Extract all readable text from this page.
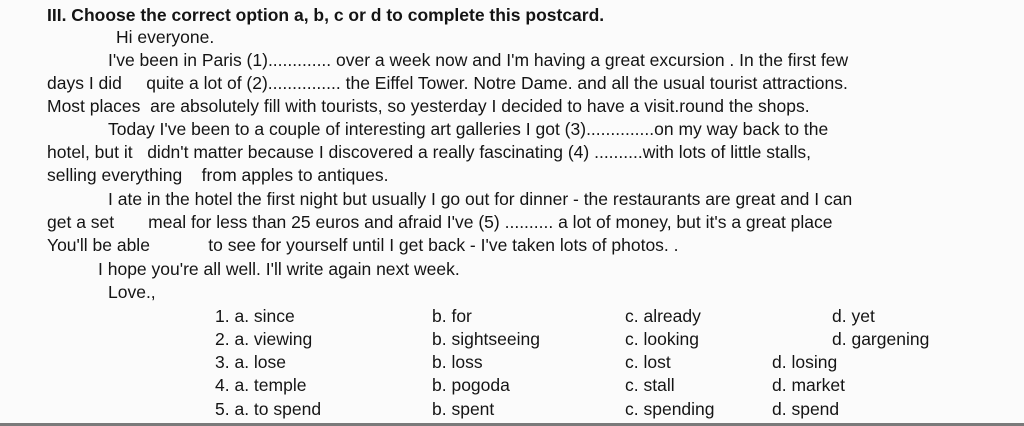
III. Choose the correct option a, b, c or d to complete this postcard.
Hi everyone.
I've been in Paris (1)............. over a week now and I'm having a great excursion . In the first few
days I did     quite a lot of (2)............... the Eiffel Tower. Notre Dame. and all the usual tourist attractions.
Most places  are absolutely fill with tourists, so yesterday I decided to have a visit.round the shops.
Today I've been to a couple of interesting art galleries I got (3)..............on my way back to the
hotel, but it   didn't matter because I discovered a really fascinating (4) ..........with lots of little stalls,
selling everything    from apples to antiques.
I ate in the hotel the first night but usually I go out for dinner - the restaurants are great and I can
get a set       meal for less than 25 euros and afraid I've (5) .......... a lot of money, but it's a great place
You'll be able            to see for yourself until I get back - I've taken lots of photos. .
I hope you're all well. I'll write again next week.
Love.,
1. a. since	b. for	c. already	d. yet
2. a. viewing	b. sightseeing	c. looking	d. gargening
3. a. lose	b. loss	c. lost	d. losing
4. a. temple	b. pogoda	c. stall	d. market
5. a. to spend	b. spent	c. spending	d. spend
